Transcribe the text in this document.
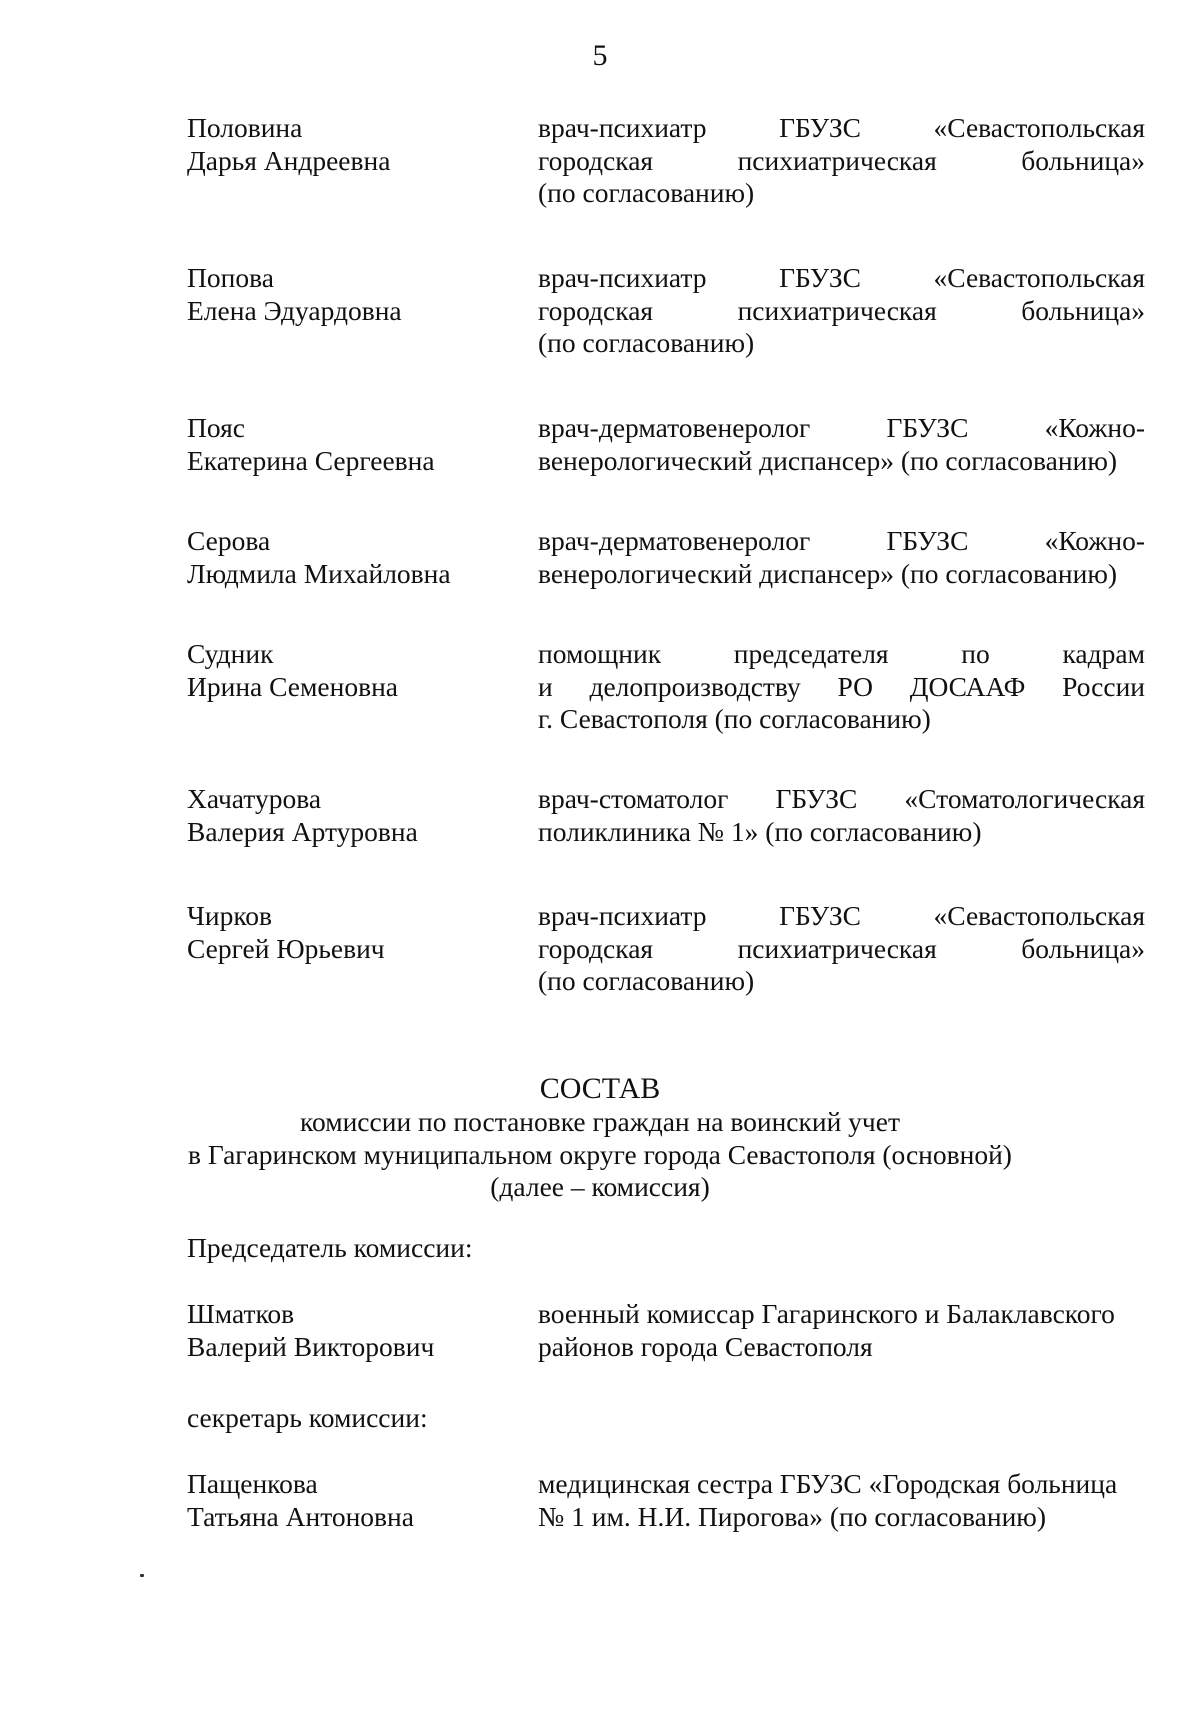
5
Половина
Дарья Андреевна
врач-психиатр ГБУЗС «Севастопольская
городская психиатрическая больница»
(по согласованию)
Попова
Елена Эдуардовна
врач-психиатр ГБУЗС «Севастопольская
городская психиатрическая больница»
(по согласованию)
Пояс
Екатерина Сергеевна
врач-дерматовенеролог ГБУЗС «Кожно-
венерологический диспансер» (по согласованию)
Серова
Людмила Михайловна
врач-дерматовенеролог ГБУЗС «Кожно-
венерологический диспансер» (по согласованию)
Судник
Ирина Семеновна
помощник председателя по кадрам
и делопроизводству РО ДОСААФ России
г. Севастополя (по согласованию)
Хачатурова
Валерия Артуровна
врач-стоматолог ГБУЗС «Стоматологическая
поликлиника № 1» (по согласованию)
Чирков
Сергей Юрьевич
врач-психиатр ГБУЗС «Севастопольская
городская психиатрическая больница»
(по согласованию)
СОСТАВ
комиссии по постановке граждан на воинский учет
в Гагаринском муниципальном округе города Севастополя (основной)
(далее – комиссия)
Председатель комиссии:
Шматков
Валерий Викторович
военный комиссар Гагаринского и Балаклавского
районов города Севастополя
секретарь комиссии:
Пащенкова
Татьяна Антоновна
медицинская сестра ГБУЗС «Городская больница
№ 1 им. Н.И. Пирогова» (по согласованию)
